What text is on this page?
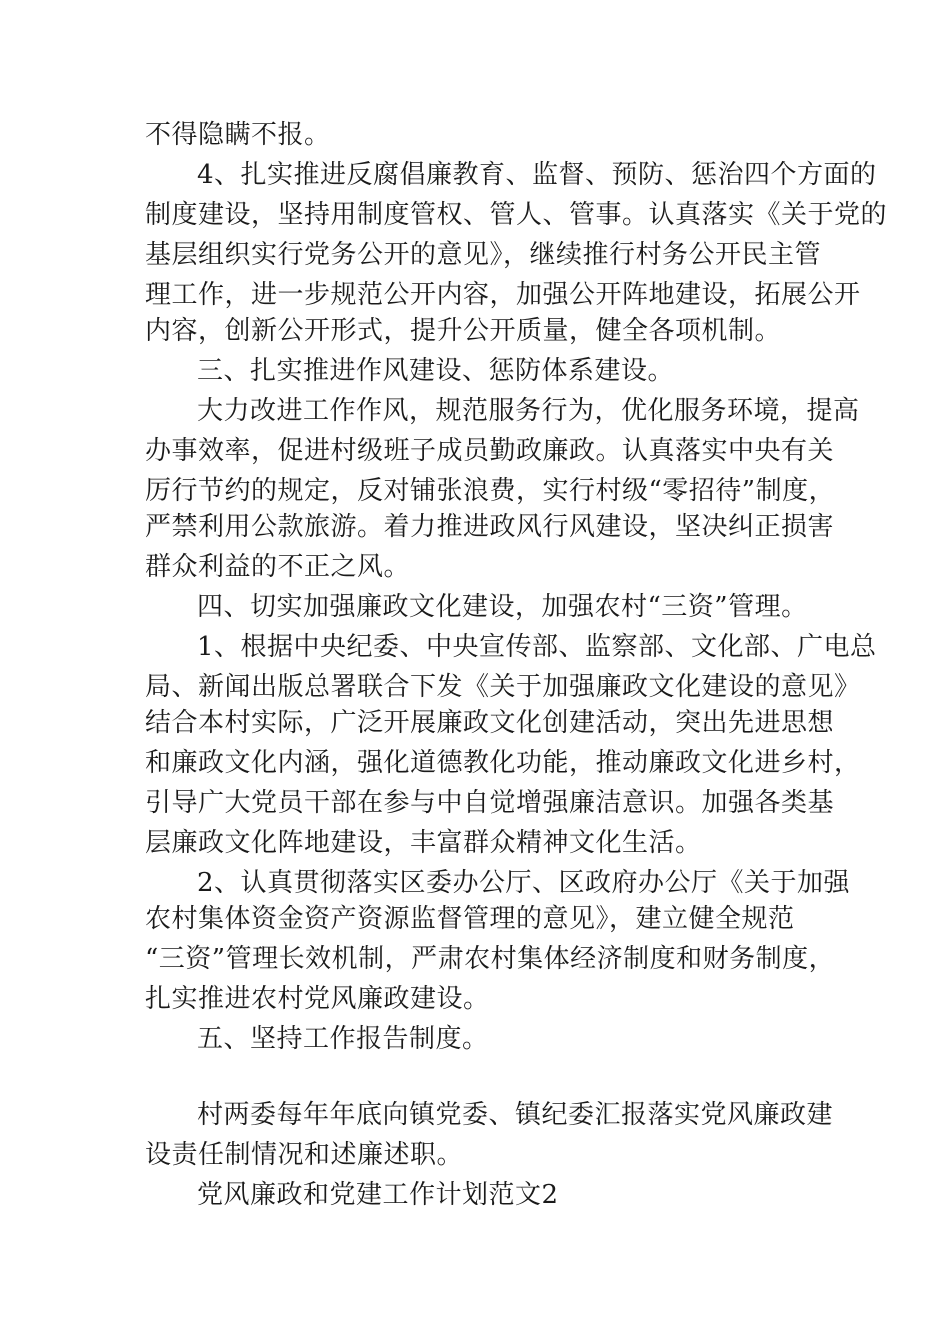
不得隐瞒不报。
4、扎实推进反腐倡廉教育、监督、预防、惩治四个方面的
制度建设，坚持用制度管权、管人、管事。认真落实《关于党的
基层组织实行党务公开的意见》，继续推行村务公开民主管
理工作，进一步规范公开内容，加强公开阵地建设，拓展公开
内容，创新公开形式，提升公开质量，健全各项机制。
三、扎实推进作风建设、惩防体系建设。
大力改进工作作风，规范服务行为，优化服务环境，提高
办事效率，促进村级班子成员勤政廉政。认真落实中央有关
厉行节约的规定，反对铺张浪费，实行村级“零招待”制度，
严禁利用公款旅游。着力推进政风行风建设，坚决纠正损害
群众利益的不正之风。
四、切实加强廉政文化建设，加强农村“三资”管理。
1、根据中央纪委、中央宣传部、监察部、文化部、广电总
局、新闻出版总署联合下发《关于加强廉政文化建设的意见》
结合本村实际，广泛开展廉政文化创建活动，突出先进思想
和廉政文化内涵，强化道德教化功能，推动廉政文化进乡村，
引导广大党员干部在参与中自觉增强廉洁意识。加强各类基
层廉政文化阵地建设，丰富群众精神文化生活。
2、认真贯彻落实区委办公厅、区政府办公厅《关于加强
农村集体资金资产资源监督管理的意见》，建立健全规范
“三资”管理长效机制，严肃农村集体经济制度和财务制度，
扎实推进农村党风廉政建设。
五、坚持工作报告制度。
村两委每年年底向镇党委、镇纪委汇报落实党风廉政建
设责任制情况和述廉述职。
党风廉政和党建工作计划范文2
